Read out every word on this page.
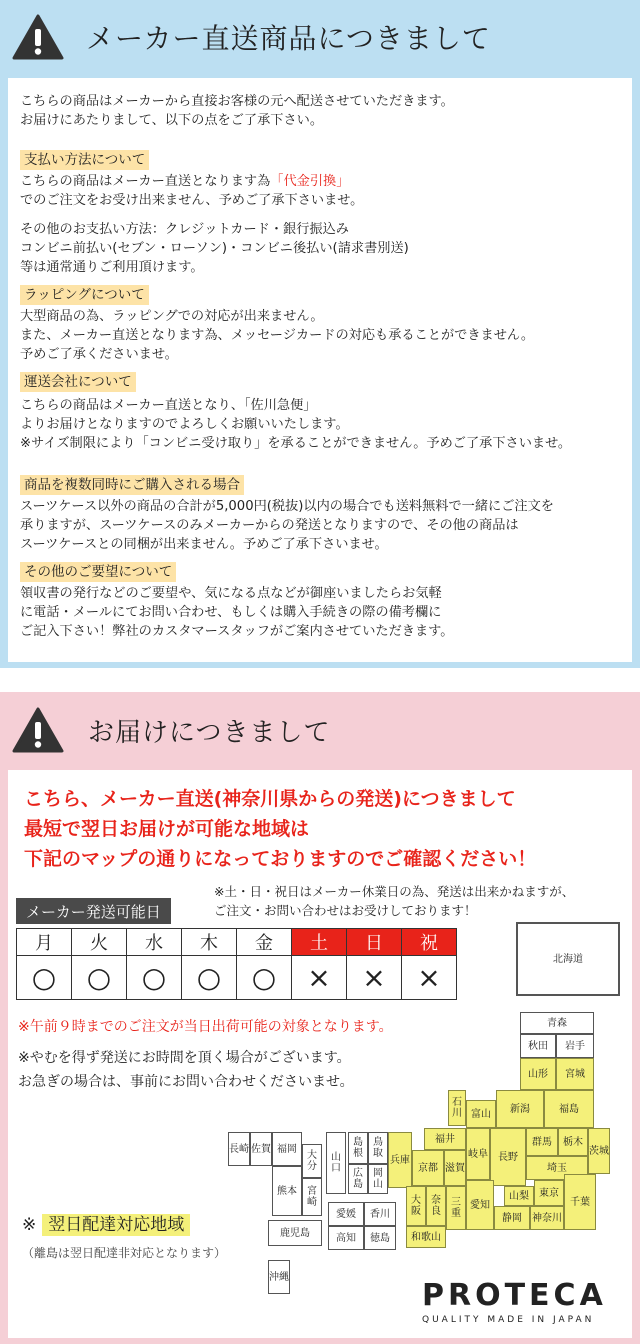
メーカー直送商品につきまして
こちらの商品はメーカーから直接お客様の元へ配送させていただきます。
お届けにあたりまして、以下の点をご了承下さい。
支払い方法について
こちらの商品はメーカー直送となります為「代金引換」
でのご注文をお受け出来ません、予めご了承下さいませ。
その他のお支払い方法：クレジットカード・銀行振込み
コンビニ前払い(セブン・ローソン)・コンビニ後払い(請求書別送)
等は通常通りご利用頂けます。
ラッピングについて
大型商品の為、ラッピングでの対応が出来ません。
また、メーカー直送となります為、メッセージカードの対応も承ることができません。
予めご了承くださいませ。
運送会社について
こちらの商品はメーカー直送となり、「佐川急便」
よりお届けとなりますのでよろしくお願いいたします。
※サイズ制限により「コンビニ受け取り」を承ることができません。予めご了承下さいませ。
商品を複数同時にご購入される場合
スーツケース以外の商品の合計が5,000円(税抜)以内の場合でも送料無料で一緒にご注文を
承りますが、スーツケースのみメーカーからの発送となりますので、その他の商品は
スーツケースとの同梱が出来ません。予めご了承下さいませ。
その他のご要望について
領収書の発行などのご要望や、気になる点などが御座いましたらお気軽
に電話・メールにてお問い合わせ、もしくは購入手続きの際の備考欄に
ご記入下さい！弊社のカスタマースタッフがご案内させていただきます。
お届けにつきまして
こちら、メーカー直送(神奈川県からの発送)につきまして
最短で翌日お届けが可能な地域は
下記のマップの通りになっておりますのでご確認ください！
メーカー発送可能日
※土・日・祝日はメーカー休業日の為、発送は出来かねますが、
ご注文・お問い合わせはお受けしております！
月	火	水	木	金	土	日	祝
○	○	○	○	○	×	×	×
※午前９時までのご注文が当日出荷可能の対象となります。
※やむを得ず発送にお時間を頂く場合がございます。
お急ぎの場合は、事前にお問い合わせくださいませ。
※ 翌日配達対応地域
（離島は翌日配達非対応となります）
北海道
青森
秋田 岩手
山形 宮城
石川 富山 新潟	福島
福井
岐阜 長野
群馬 栃木
茨城
埼玉
山梨 東京
千葉
神奈川
静岡
愛知
滋賀
京都
兵庫
大阪
奈良
三重
和歌山
鳥取
島根
岡山
広島
山口
愛媛 香川
高知 徳島
長崎 佐賀 福岡
大分
熊本	宮崎
鹿児島
沖縄
PROTECA
QUALITY MADE IN JAPAN
